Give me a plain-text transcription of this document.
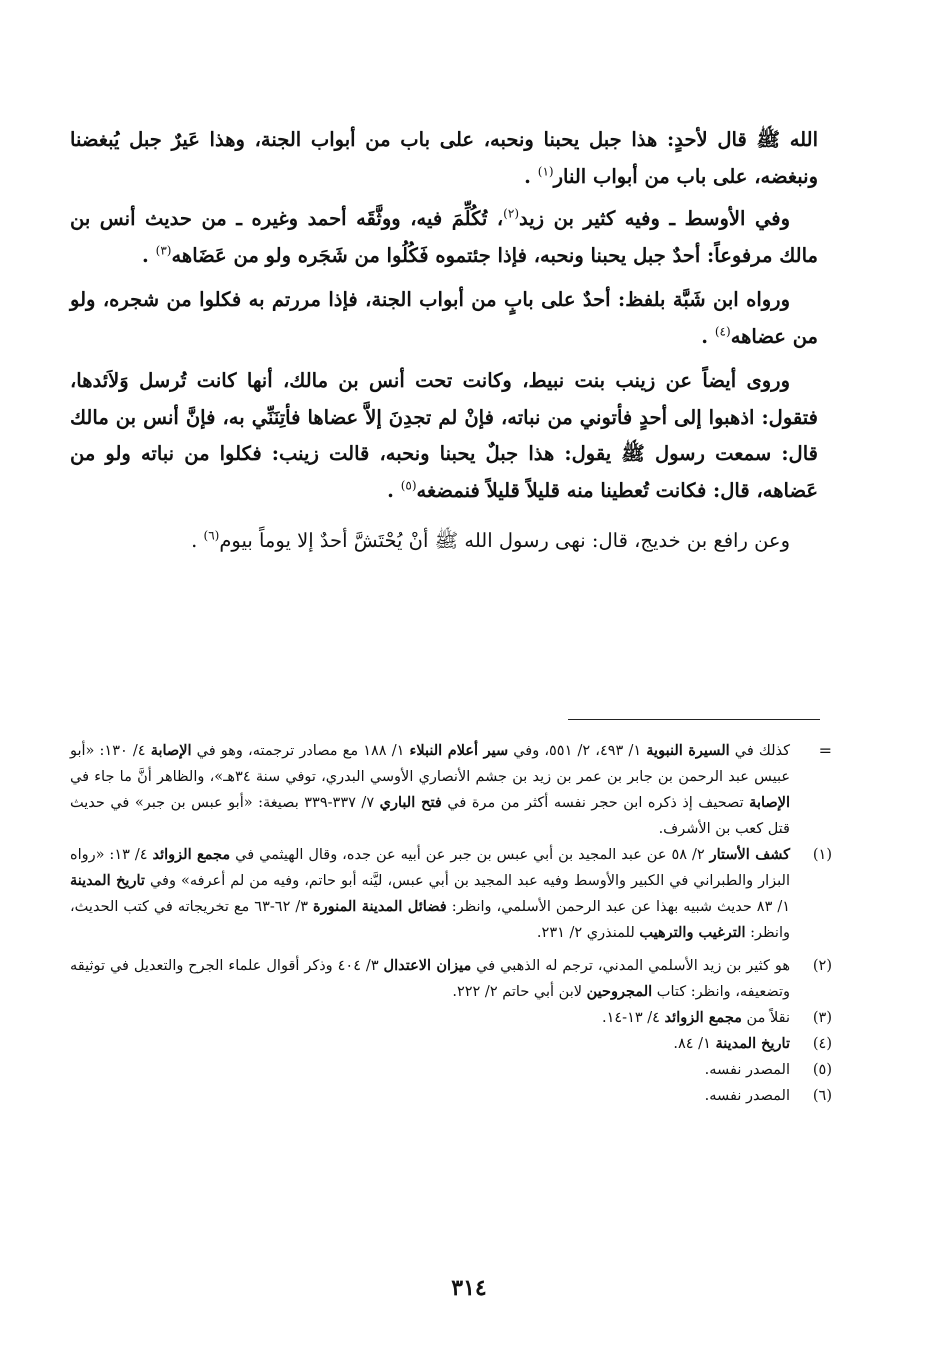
الله ﷺ قال لأحدٍ: هذا جبل يحبنا ونحبه، على باب من أبواب الجنة، وهذا عَيرٌ جبل يُبغضنا ونبغضه، على باب من أبواب النار$^{(١)}$ .

وفي الأوسط ـ وفيه كثير بن زيد$^{(٢)}$، تُكُلِّمَ فيه، ووثَّقَه أحمد وغيره ـ من حديث أنس بن مالك مرفوعاً: أحدٌ جبل يحبنا ونحبه، فإذا جئتموه فَكُلُوا من شَجَره ولو من عَضَاهه$^{(٣)}$ .

ورواه ابن شَبَّة بلفظ: أحدٌ على بابٍ من أبواب الجنة، فإذا مررتم به فكلوا من شجره، ولو من عضاهه$^{(٤)}$ .

وروى أيضاً عن زينب بنت نبيط، وكانت تحت أنس بن مالك، أنها كانت تُرسل وَلاَئدها، فتقول: اذهبوا إلى أحدٍ فأتوني من نباته، فإنْ لم تجدِنَ إلاَّ عضاها فأتِنَنِّي به، فإنَّ أنس بن مالك قال: سمعت رسول ﷺ يقول: هذا جبلٌ يحبنا ونحبه، قالت زينب: فكلوا من نباته ولو من عَضاهه، قال: فكانت تُعطينا منه قليلاً قليلاً فنمضغه$^{(٥)}$ .

وعن رافع بن خديج، قال: نهى رسول الله ﷺ أنْ يُحْتَشَّ أحدٌ إلا يوماً بيوم$^{(٦)}$ .

=
كذلك في السيرة النبوية ١/ ٤٩٣، ٢/ ٥٥١، وفي سير أعلام النبلاء ١/ ١٨٨ مع مصادر ترجمته، وهو في الإصابة ٤/ ١٣٠: «أبو عبيس عبد الرحمن بن جابر بن عمر بن زيد بن جشم الأنصاري الأوسي البدري، توفي سنة ٣٤هـ»، والظاهر أنَّ ما جاء في الإصابة تصحيف إذ ذكره ابن حجر نفسه أكثر من مرة في فتح الباري ٧/ ٣٣٧-٣٣٩ بصيغة: «أبو عبس بن جبر» في حديث قتل كعب بن الأشرف.
(١)
كشف الأستار ٢/ ٥٨ عن عبد المجيد بن أبي عبس بن جبر عن أبيه عن جده، وقال الهيثمي في مجمع الزوائد ٤/ ١٣: «رواه البزار والطبراني في الكبير والأوسط وفيه عبد المجيد بن أبي عبس، ليَّنه أبو حاتم، وفيه من لم أعرفه» وفي تاريخ المدينة ١/ ٨٣ حديث شبيه بهذا عن عبد الرحمن الأسلمي، وانظر: فضائل المدينة المنورة ٣/ ٦٢-٦٣ مع تخريجاته في كتب الحديث، وانظر: الترغيب والترهيب للمنذري ٢/ ٢٣١.
(٢)
هو كثير بن زيد الأسلمي المدني، ترجم له الذهبي في ميزان الاعتدال ٣/ ٤٠٤ وذكر أقوال علماء الجرح والتعديل في توثيقه وتضعيفه، وانظر: كتاب المجروحين لابن أبي حاتم ٢/ ٢٢٢.
(٣)
نقلاً من مجمع الزوائد ٤/ ١٣-١٤.
(٤)
تاريخ المدينة ١/ ٨٤.
(٥)
المصدر نفسه.
(٦)
المصدر نفسه.
٣١٤
